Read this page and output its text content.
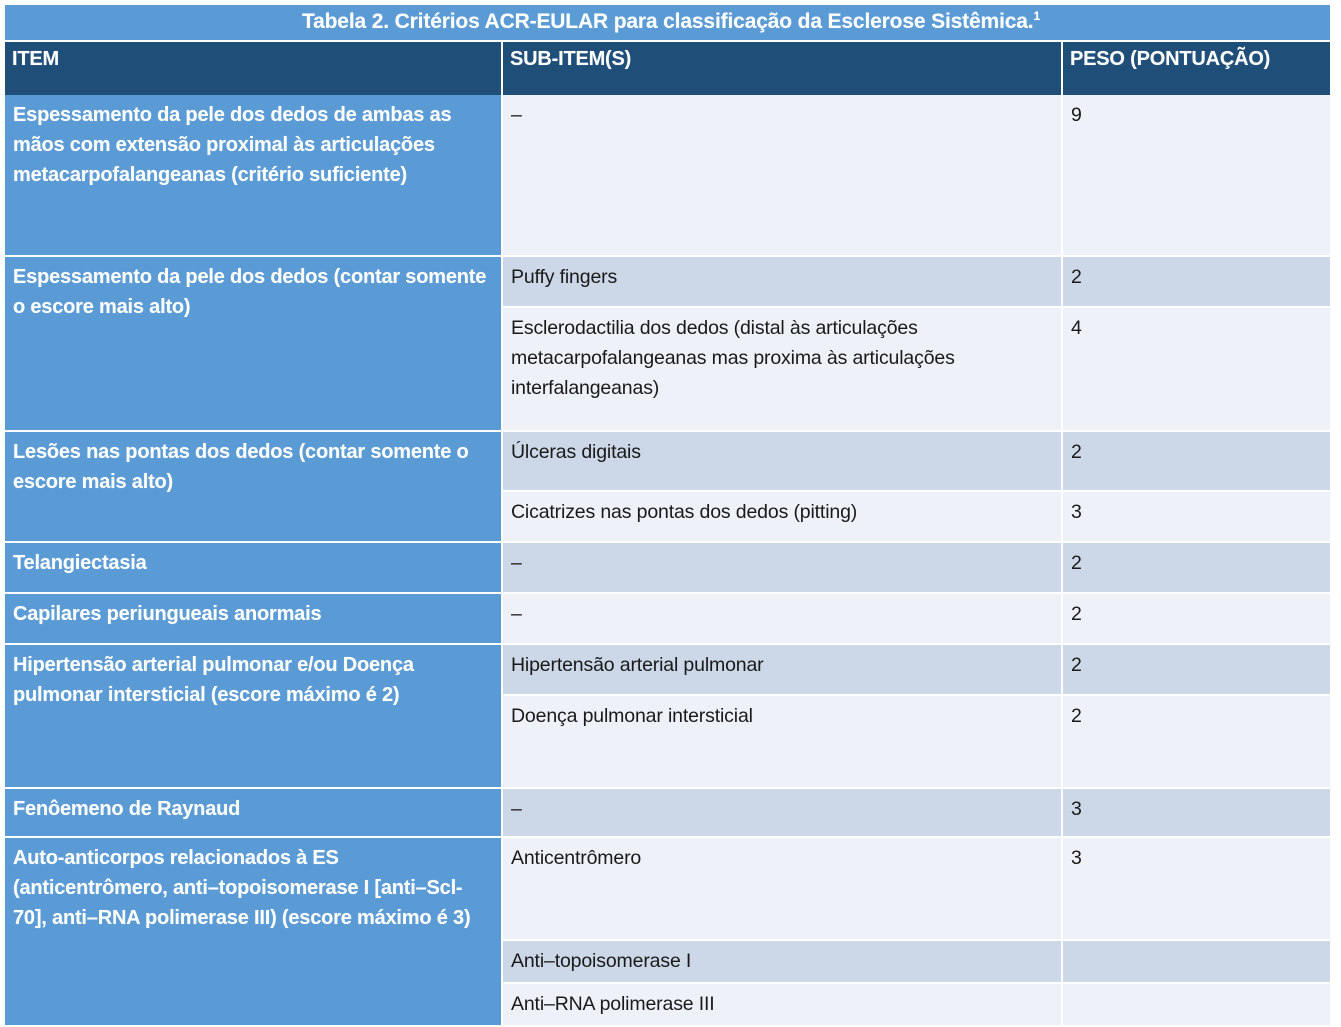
Tabela 2. Critérios ACR-EULAR para classificação da Esclerose Sistêmica.$^1$
ITEM	SUB-ITEM(S)	PESO (PONTUAÇÃO)
Espessamento da pele dos dedos de ambas as mãos com extensão proximal às articulações metacarpofalangeanas (critério suficiente)	–	9
Espessamento da pele dos dedos (contar somente o escore mais alto)	Puffy fingers	2
	Esclerodactilia dos dedos (distal às articulações metacarpofalangeanas mas proxima às articulações interfalangeanas)	4
Lesões nas pontas dos dedos (contar somente o escore mais alto)	Úlceras digitais	2
	Cicatrizes nas pontas dos dedos (pitting)	3
Telangiectasia	–	2
Capilares periungueais anormais	–	2
Hipertensão arterial pulmonar e/ou Doença pulmonar intersticial (escore máximo é 2)	Hipertensão arterial pulmonar	2
	Doença pulmonar intersticial	2
Fenôemeno de Raynaud	–	3
Auto-anticorpos relacionados à ES (anticentrômero, anti–topoisomerase I [anti–Scl-70], anti–RNA polimerase III) (escore máximo é 3)	Anticentrômero	3
	Anti–topoisomerase I	
	Anti–RNA polimerase III	
